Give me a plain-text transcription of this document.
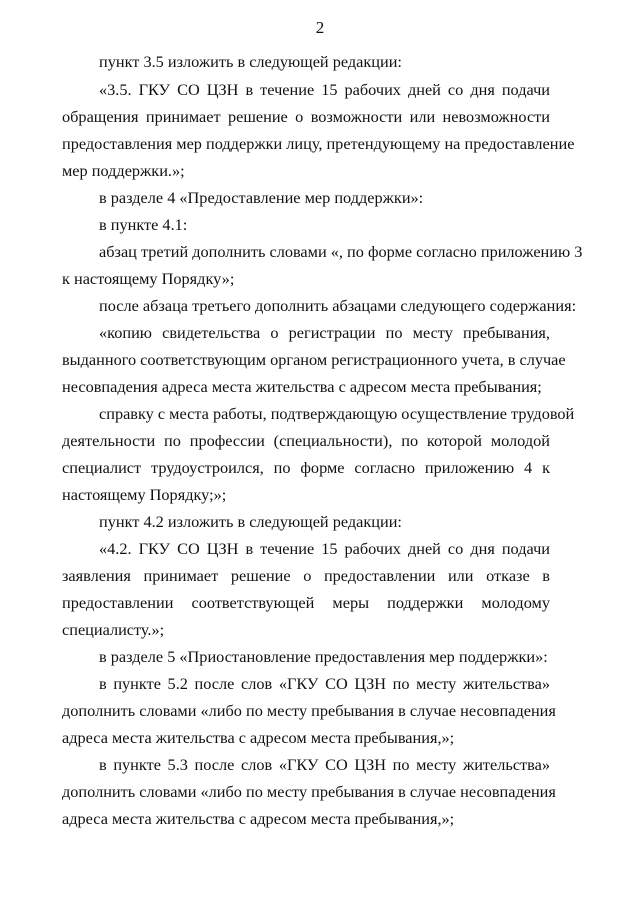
2
пункт 3.5 изложить в следующей редакции:
«3.5. ГКУ СО ЦЗН в течение 15 рабочих дней со дня подачи
обращения принимает решение о возможности или невозможности
предоставления мер поддержки лицу, претендующему на предоставление
мер поддержки.»;
в разделе 4 «Предоставление мер поддержки»:
в пункте 4.1:
абзац третий дополнить словами «, по форме согласно приложению 3
к настоящему Порядку»;
после абзаца третьего дополнить абзацами следующего содержания:
«копию свидетельства о регистрации по месту пребывания,
выданного соответствующим органом регистрационного учета, в случае
несовпадения адреса места жительства с адресом места пребывания;
справку с места работы, подтверждающую осуществление трудовой
деятельности по профессии (специальности), по которой молодой
специалист трудоустроился, по форме согласно приложению 4 к
настоящему Порядку;»;
пункт 4.2 изложить в следующей редакции:
«4.2. ГКУ СО ЦЗН в течение 15 рабочих дней со дня подачи
заявления принимает решение о предоставлении или отказе в
предоставлении соответствующей меры поддержки молодому
специалисту.»;
в разделе 5 «Приостановление предоставления мер поддержки»:
в пункте 5.2 после слов «ГКУ СО ЦЗН по месту жительства»
дополнить словами «либо по месту пребывания в случае несовпадения
адреса места жительства с адресом места пребывания,»;
в пункте 5.3 после слов «ГКУ СО ЦЗН по месту жительства»
дополнить словами «либо по месту пребывания в случае несовпадения
адреса места жительства с адресом места пребывания,»;
